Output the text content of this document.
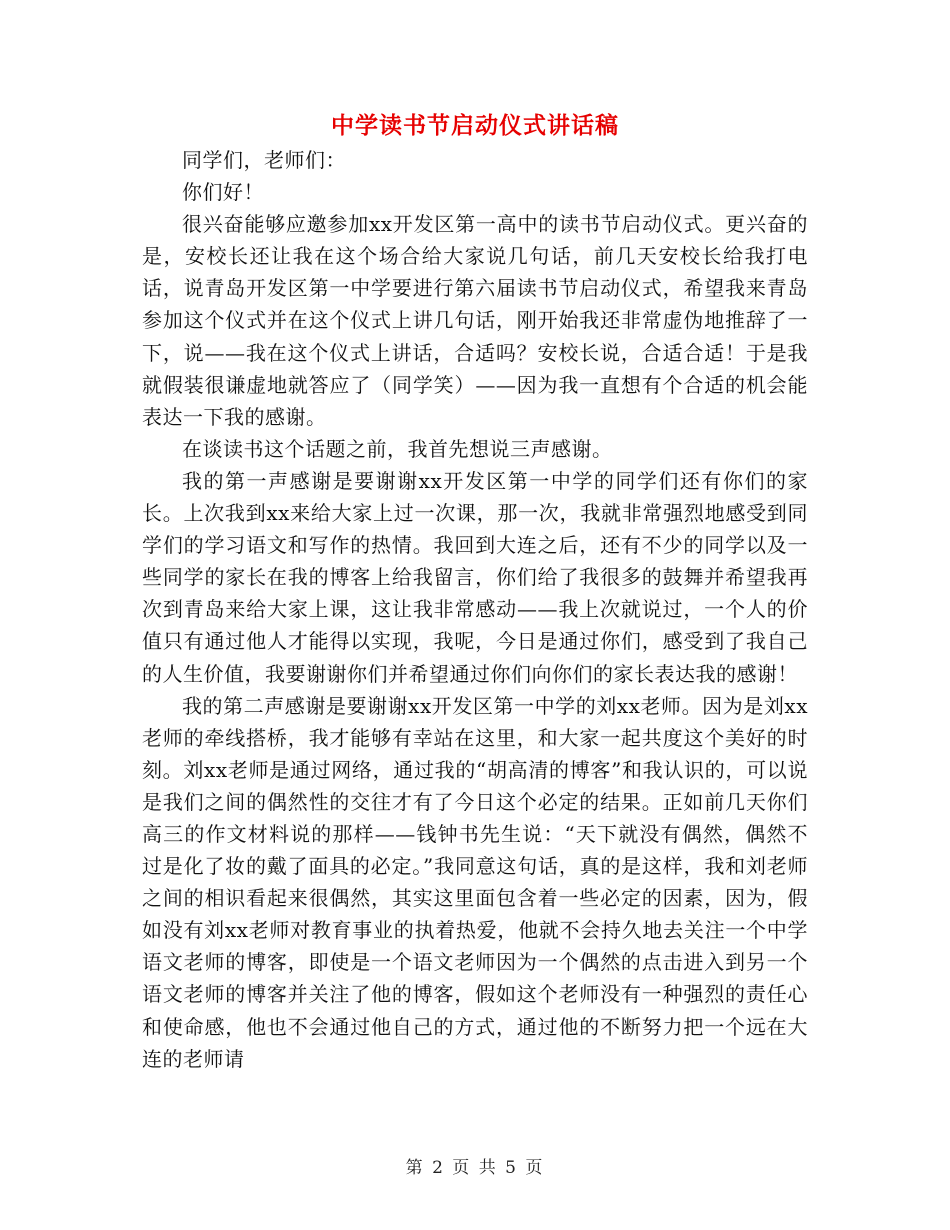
中学读书节启动仪式讲话稿

同学们，老师们：

你们好！

很兴奋能够应邀参加xx开发区第一高中的读书节启动仪式。更兴奋的是，安校长还让我在这个场合给大家说几句话，前几天安校长给我打电话，说青岛开发区第一中学要进行第六届读书节启动仪式，希望我来青岛参加这个仪式并在这个仪式上讲几句话，刚开始我还非常虚伪地推辞了一下，说——我在这个仪式上讲话，合适吗？安校长说，合适合适！于是我就假装很谦虚地就答应了（同学笑）——因为我一直想有个合适的机会能表达一下我的感谢。

在谈读书这个话题之前，我首先想说三声感谢。

我的第一声感谢是要谢谢xx开发区第一中学的同学们还有你们的家长。上次我到xx来给大家上过一次课，那一次，我就非常强烈地感受到同学们的学习语文和写作的热情。我回到大连之后，还有不少的同学以及一些同学的家长在我的博客上给我留言，你们给了我很多的鼓舞并希望我再次到青岛来给大家上课，这让我非常感动——我上次就说过，一个人的价值只有通过他人才能得以实现，我呢，今日是通过你们，感受到了我自己的人生价值，我要谢谢你们并希望通过你们向你们的家长表达我的感谢！

我的第二声感谢是要谢谢xx开发区第一中学的刘xx老师。因为是刘xx老师的牵线搭桥，我才能够有幸站在这里，和大家一起共度这个美好的时刻。刘xx老师是通过网络，通过我的“胡高清的博客”和我认识的，可以说是我们之间的偶然性的交往才有了今日这个必定的结果。正如前几天你们高三的作文材料说的那样——钱钟书先生说：“天下就没有偶然，偶然不过是化了妆的戴了面具的必定。”我同意这句话，真的是这样，我和刘老师之间的相识看起来很偶然，其实这里面包含着一些必定的因素，因为，假如没有刘xx老师对教育事业的执着热爱，他就不会持久地去关注一个中学语文老师的博客，即使是一个语文老师因为一个偶然的点击进入到另一个语文老师的博客并关注了他的博客，假如这个老师没有一种强烈的责任心和使命感，他也不会通过他自己的方式，通过他的不断努力把一个远在大连的老师请

第 2 页 共 5 页
